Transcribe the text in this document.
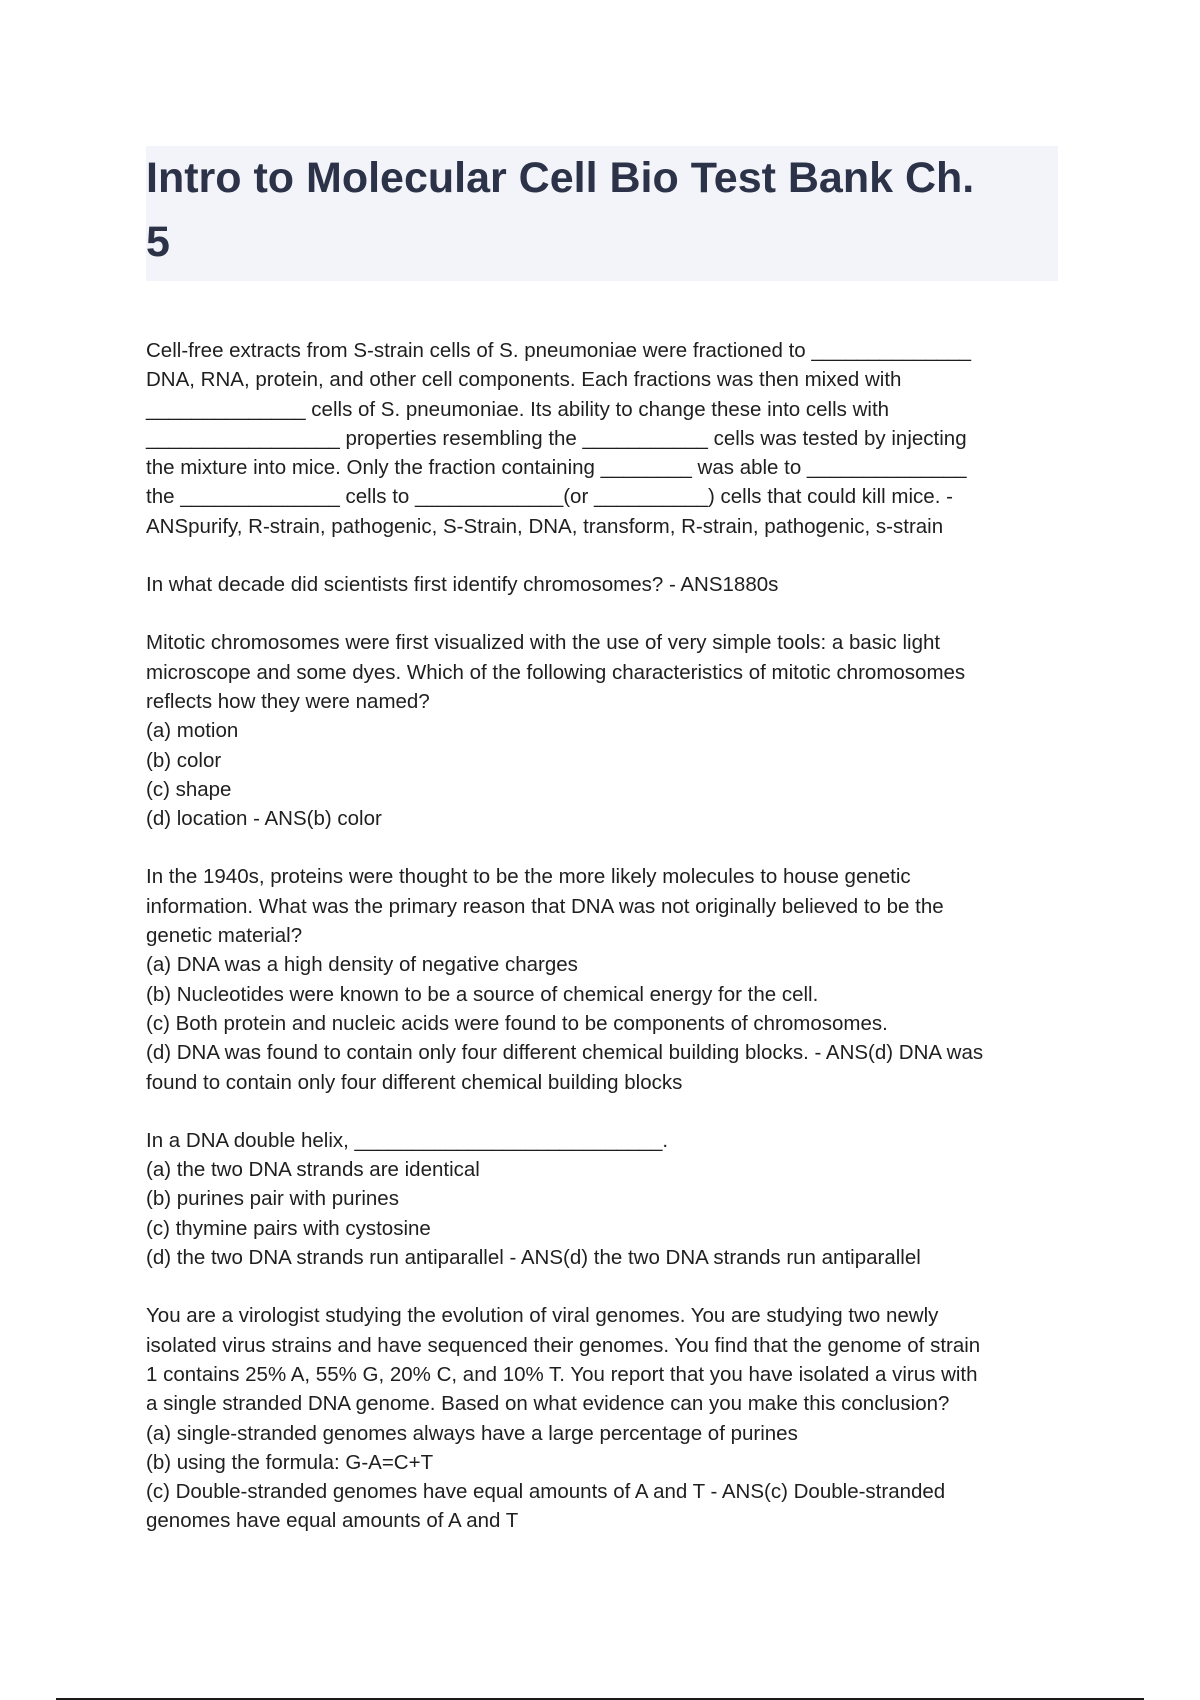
Intro to Molecular Cell Bio Test Bank Ch.
5
Cell-free extracts from S-strain cells of S. pneumoniae were fractioned to ______________
DNA, RNA, protein, and other cell components. Each fractions was then mixed with
______________ cells of S. pneumoniae. Its ability to change these into cells with
_________________ properties resembling the ___________ cells was tested by injecting
the mixture into mice. Only the fraction containing ________ was able to ______________
the ______________ cells to _____________(or __________) cells that could kill mice. -
ANSpurify, R-strain, pathogenic, S-Strain, DNA, transform, R-strain, pathogenic, s-strain
In what decade did scientists first identify chromosomes? - ANS1880s
Mitotic chromosomes were first visualized with the use of very simple tools: a basic light
microscope and some dyes. Which of the following characteristics of mitotic chromosomes
reflects how they were named?
(a) motion
(b) color
(c) shape
(d) location - ANS(b) color
In the 1940s, proteins were thought to be the more likely molecules to house genetic
information. What was the primary reason that DNA was not originally believed to be the
genetic material?
(a) DNA was a high density of negative charges
(b) Nucleotides were known to be a source of chemical energy for the cell.
(c) Both protein and nucleic acids were found to be components of chromosomes.
(d) DNA was found to contain only four different chemical building blocks. - ANS(d) DNA was
found to contain only four different chemical building blocks
In a DNA double helix, ___________________________.
(a) the two DNA strands are identical
(b) purines pair with purines
(c) thymine pairs with cystosine
(d) the two DNA strands run antiparallel - ANS(d) the two DNA strands run antiparallel
You are a virologist studying the evolution of viral genomes. You are studying two newly
isolated virus strains and have sequenced their genomes. You find that the genome of strain
1 contains 25% A, 55% G, 20% C, and 10% T. You report that you have isolated a virus with
a single stranded DNA genome. Based on what evidence can you make this conclusion?
(a) single-stranded genomes always have a large percentage of purines
(b) using the formula: G-A=C+T
(c) Double-stranded genomes have equal amounts of A and T - ANS(c) Double-stranded
genomes have equal amounts of A and T
